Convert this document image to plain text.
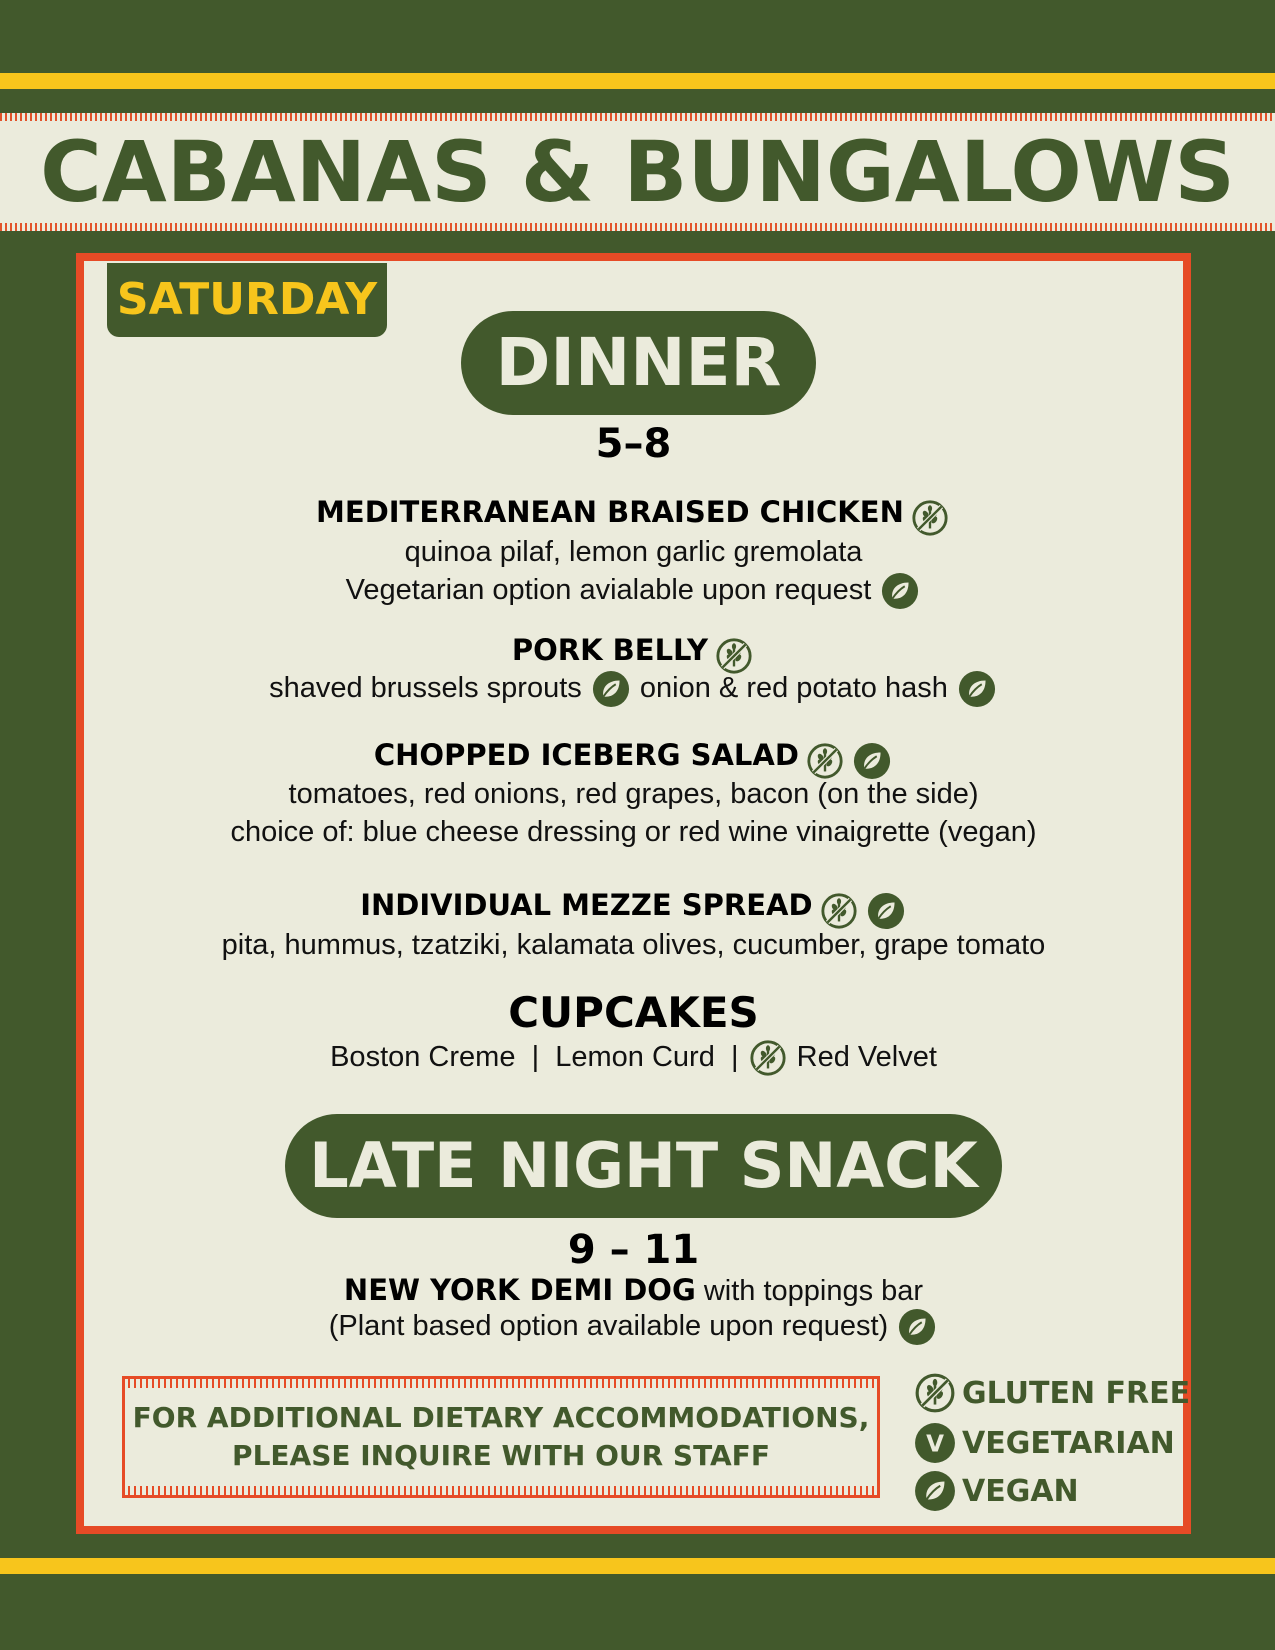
CABANAS & BUNGALOWS
SATURDAY
DINNER
5–8
MEDITERRANEAN BRAISED CHICKEN
quinoa pilaf, lemon garlic gremolata
Vegetarian option avialable upon request
PORK BELLY
shaved brussels sprouts onion & red potato hash
CHOPPED ICEBERG SALAD

tomatoes, red onions, red grapes, bacon (on the side)
choice of: blue cheese dressing or red wine vinaigrette (vegan)
INDIVIDUAL MEZZE SPREAD

pita, hummus, tzatziki, kalamata olives, cucumber, grape tomato
CUPCAKES
Boston Creme | Lemon Curd | Red Velvet
LATE NIGHT SNACK
9 – 11
NEW YORK DEMI DOG with toppings bar
(Plant based option available upon request)
FOR ADDITIONAL DIETARY ACCOMMODATIONS,
PLEASE INQUIRE WITH OUR STAFF
GLUTEN FREE
V VEGETARIAN
VEGAN
